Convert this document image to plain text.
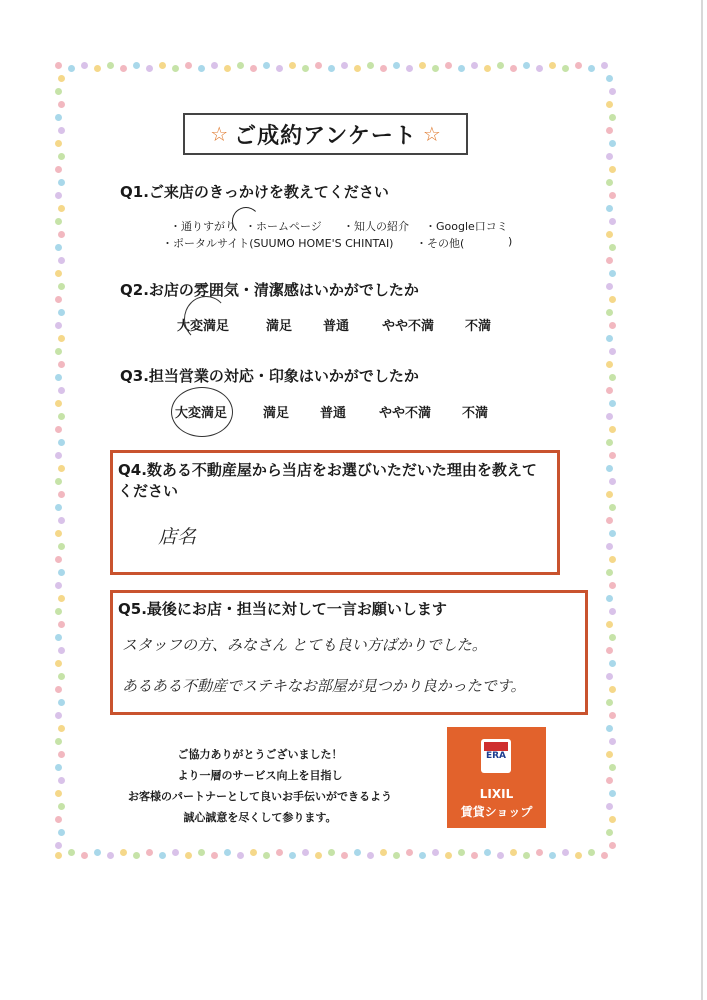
☆ ご成約アンケート ☆
Q1.ご来店のきっかけを教えてください
・通りすがり ・ホームページ ・知人の紹介 ・Google口コミ
・ポータルサイト(SUUMO HOME'S CHINTAI) ・その他(	)
Q2.お店の雰囲気・清潔感はいかがでしたか
大変満足	満足 普通	やや不満 不満
Q3.担当営業の対応・印象はいかがでしたか
大変満足	満足 普通	やや不満 不満
Q4.数ある不動産屋から当店をお選びいただいた理由を教えて
ください
店名
Q5.最後にお店・担当に対して一言お願いします
スタッフの方、みなさん とても良い方ばかりでした。
あるある不動産でステキなお部屋が見つかり良かったです。
ご協力ありがとうございました！
より一層のサービス向上を目指し
お客様のパートナーとして良いお手伝いができるよう
誠心誠意を尽くして参ります。
ERA
LIXIL
賃貸ショップ
